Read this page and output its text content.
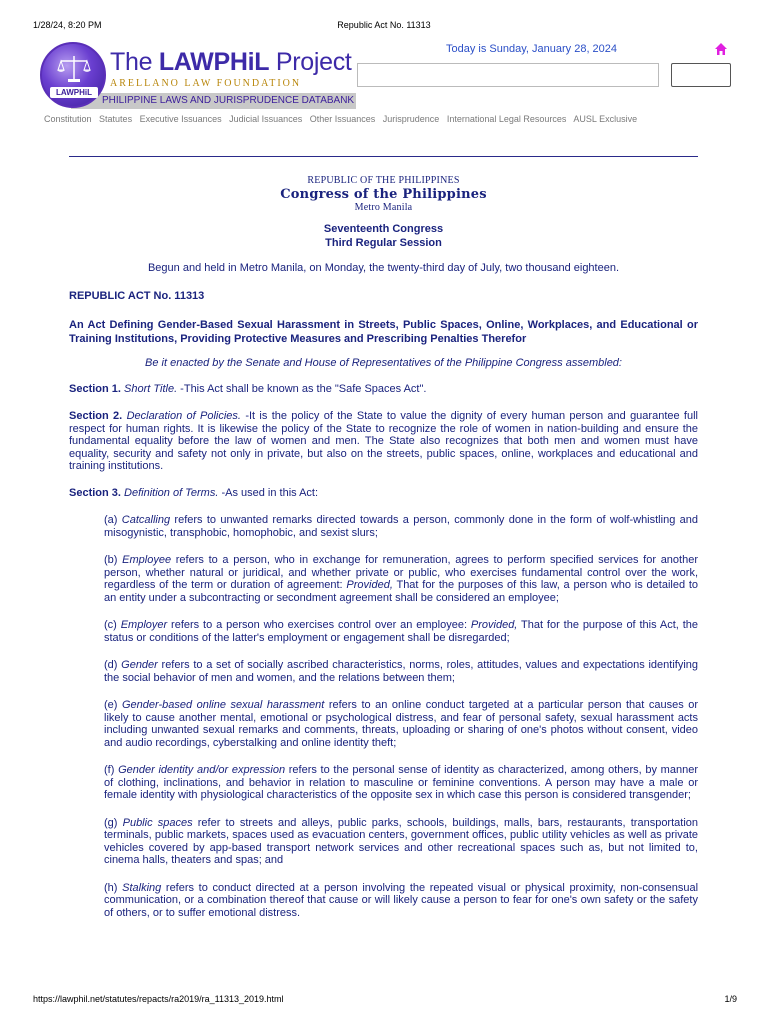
1/28/24, 8:20 PM	Republic Act No. 11313
LAWPHiL
The LAWPHiL Project
ARELLANO LAW FOUNDATION
PHILIPPINE LAWS AND JURISPRUDENCE DATABANK
Today is Sunday, January 28, 2024
Constitution Statutes Executive Issuances Judicial Issuances Other Issuances Jurisprudence International Legal Resources AUSL Exclusive
REPUBLIC OF THE PHILIPPINES
Congress of the Philippines
Metro Manila
Seventeenth Congress
Third Regular Session

Begun and held in Metro Manila, on Monday, the twenty-third day of July, two thousand eighteen.

REPUBLIC ACT No. 11313

An Act Defining Gender-Based Sexual Harassment in Streets, Public Spaces, Online, Workplaces, and Educational or Training Institutions, Providing Protective Measures and Prescribing Penalties Therefor

Be it enacted by the Senate and House of Representatives of the Philippine Congress assembled:

Section 1. Short Title. -This Act shall be known as the "Safe Spaces Act".

Section 2. Declaration of Policies. -It is the policy of the State to value the dignity of every human person and guarantee full respect for human rights. It is likewise the policy of the State to recognize the role of women in nation-building and ensure the fundamental equality before the law of women and men. The State also recognizes that both men and women must have equality, security and safety not only in private, but also on the streets, public spaces, online, workplaces and educational and training institutions.

Section 3. Definition of Terms. -As used in this Act:

(a) Catcalling refers to unwanted remarks directed towards a person, commonly done in the form of wolf-whistling and misogynistic, transphobic, homophobic, and sexist slurs;

(b) Employee refers to a person, who in exchange for remuneration, agrees to perform specified services for another person, whether natural or juridical, and whether private or public, who exercises fundamental control over the work, regardless of the term or duration of agreement: Provided, That for the purposes of this law, a person who is detailed to an entity under a subcontracting or secondment agreement shall be considered an employee;

(c) Employer refers to a person who exercises control over an employee: Provided, That for the purpose of this Act, the status or conditions of the latter's employment or engagement shall be disregarded;

(d) Gender refers to a set of socially ascribed characteristics, norms, roles, attitudes, values and expectations identifying the social behavior of men and women, and the relations between them;

(e) Gender-based online sexual harassment refers to an online conduct targeted at a particular person that causes or likely to cause another mental, emotional or psychological distress, and fear of personal safety, sexual harassment acts including unwanted sexual remarks and comments, threats, uploading or sharing of one's photos without consent, video and audio recordings, cyberstalking and online identity theft;

(f) Gender identity and/or expression refers to the personal sense of identity as characterized, among others, by manner of clothing, inclinations, and behavior in relation to masculine or feminine conventions. A person may have a male or female identity with physiological characteristics of the opposite sex in which case this person is considered transgender;

(g) Public spaces refer to streets and alleys, public parks, schools, buildings, malls, bars, restaurants, transportation terminals, public markets, spaces used as evacuation centers, government offices, public utility vehicles as well as private vehicles covered by app-based transport network services and other recreational spaces such as, but not limited to, cinema halls, theaters and spas; and

(h) Stalking refers to conduct directed at a person involving the repeated visual or physical proximity, non-consensual communication, or a combination thereof that cause or will likely cause a person to fear for one's own safety or the safety of others, or to suffer emotional distress.

https://lawphil.net/statutes/repacts/ra2019/ra_11313_2019.html	1/9
